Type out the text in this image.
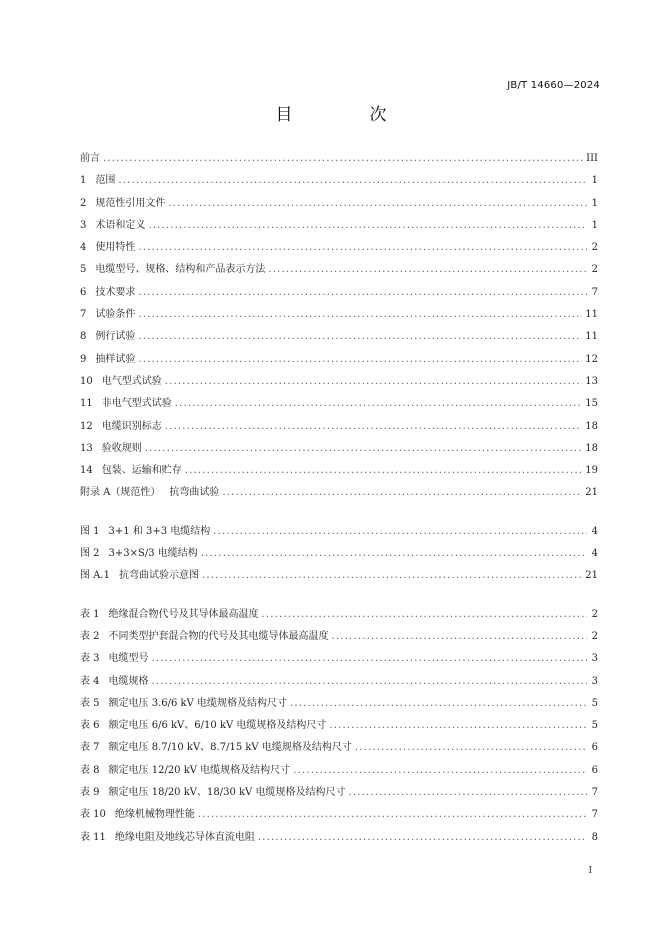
JB/T 14660—2024
目　次
前言 .....	III
1 范围 .....	1
2 规范性引用文件 .....	1
3 术语和定义 .....	1
4 使用特性 .....	2
5 电缆型号、规格、结构和产品表示方法 .....	2
6 技术要求 .....	7
7 试验条件 .....	11
8 例行试验 .....	11
9 抽样试验 .....	12
10 电气型式试验 .....	13
11 非电气型式试验 .....	15
12 电缆识别标志 .....	18
13 验收规则 .....	18
14 包装、运输和贮存 .....	19
附录 A（规范性） 抗弯曲试验 .....	21
图 1 3+1 和 3+3 电缆结构 .....	4
图 2 3+3×S/3 电缆结构 .....	4
图 A.1 抗弯曲试验示意图 .....	21
表 1 绝缘混合物代号及其导体最高温度 .....	2
表 2 不同类型护套混合物的代号及其电缆导体最高温度 .....	2
表 3 电缆型号 .....	3
表 4 电缆规格 .....	3
表 5 额定电压 3.6/6 kV 电缆规格及结构尺寸 .....	5
表 6 额定电压 6/6 kV、6/10 kV 电缆规格及结构尺寸 .....	5
表 7 额定电压 8.7/10 kV、8.7/15 kV 电缆规格及结构尺寸 .....	6
表 8 额定电压 12/20 kV 电缆规格及结构尺寸 .....	6
表 9 额定电压 18/20 kV、18/30 kV 电缆规格及结构尺寸 .....	7
表 10 绝缘机械物理性能 .....	7
表 11 绝缘电阻及地线芯导体直流电阻 .....	8
I
